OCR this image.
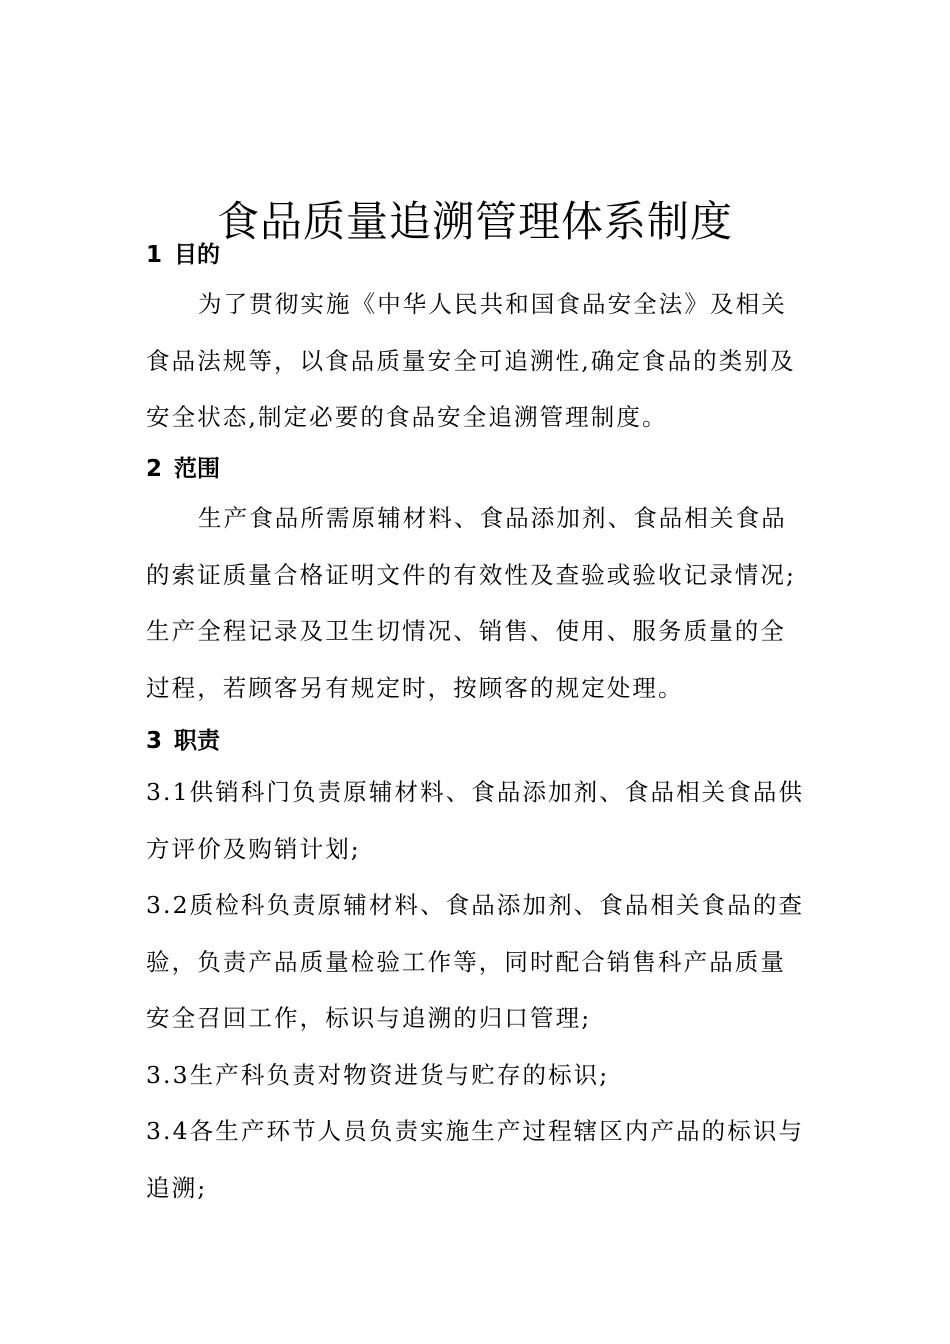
食品质量追溯管理体系制度
1 目的
为了贯彻实施《中华人民共和国食品安全法》及相关
食品法规等，以食品质量安全可追溯性,确定食品的类别及
安全状态,制定必要的食品安全追溯管理制度。
2 范围
生产食品所需原辅材料、食品添加剂、食品相关食品
的索证质量合格证明文件的有效性及查验或验收记录情况;
生产全程记录及卫生切情况、销售、使用、服务质量的全
过程，若顾客另有规定时，按顾客的规定处理。
3 职责
3.1供销科门负责原辅材料、食品添加剂、食品相关食品供
方评价及购销计划;
3.2质检科负责原辅材料、食品添加剂、食品相关食品的查
验，负责产品质量检验工作等，同时配合销售科产品质量
安全召回工作，标识与追溯的归口管理;
3.3生产科负责对物资进货与贮存的标识;
3.4各生产环节人员负责实施生产过程辖区内产品的标识与
追溯;
